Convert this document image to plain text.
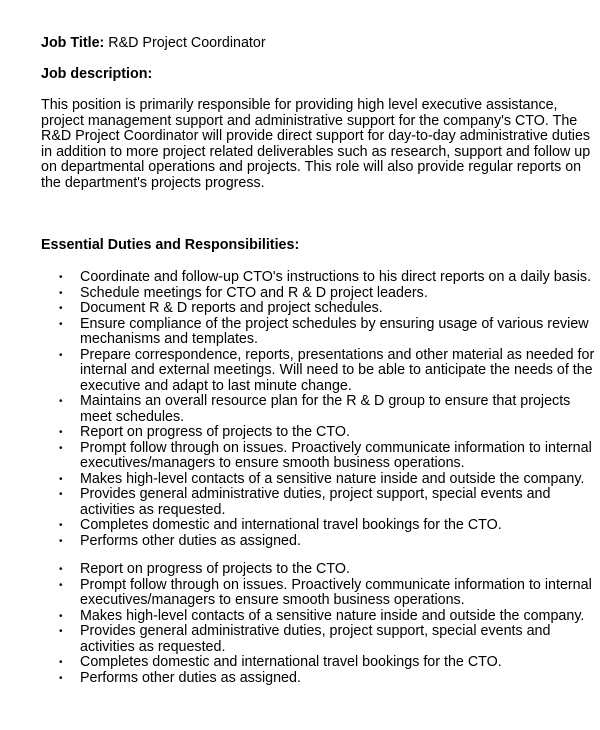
Job Title: R&D Project Coordinator
Job description:
This position is primarily responsible for providing high level executive assistance,
project management support and administrative support for the company's CTO. The
R&D Project Coordinator will provide direct support for day-to-day administrative duties
in addition to more project related deliverables such as research, support and follow up
on departmental operations and projects. This role will also provide regular reports on
the department's projects progress.
Essential Duties and Responsibilities:
• Coordinate and follow-up CTO's instructions to his direct reports on a daily basis.
• Schedule meetings for CTO and R & D project leaders.
• Document R & D reports and project schedules.
• Ensure compliance of the project schedules by ensuring usage of various review
mechanisms and templates.
• Prepare correspondence, reports, presentations and other material as needed for
internal and external meetings. Will need to be able to anticipate the needs of the
executive and adapt to last minute change.
• Maintains an overall resource plan for the R & D group to ensure that projects
meet schedules.
• Report on progress of projects to the CTO.
• Prompt follow through on issues. Proactively communicate information to internal
executives/managers to ensure smooth business operations.
• Makes high-level contacts of a sensitive nature inside and outside the company.
• Provides general administrative duties, project support, special events and
activities as requested.
• Completes domestic and international travel bookings for the CTO.
• Performs other duties as assigned.
• Report on progress of projects to the CTO.
• Prompt follow through on issues. Proactively communicate information to internal
executives/managers to ensure smooth business operations.
• Makes high-level contacts of a sensitive nature inside and outside the company.
• Provides general administrative duties, project support, special events and
activities as requested.
• Completes domestic and international travel bookings for the CTO.
• Performs other duties as assigned.
